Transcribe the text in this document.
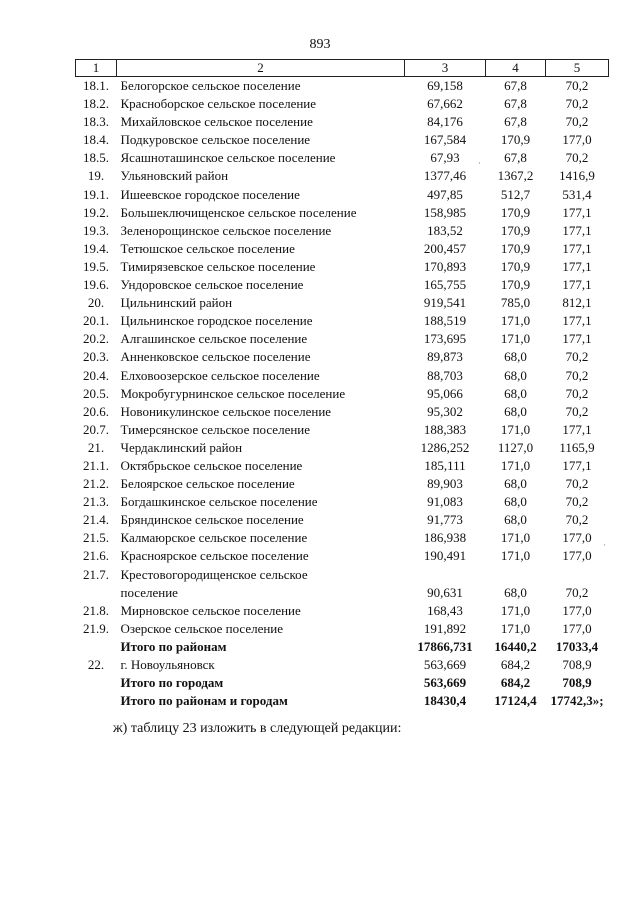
893
1	2	3	4	5
18.1.	Белогорское сельское поселение	69,158	67,8	70,2
18.2.	Красноборское сельское поселение	67,662	67,8	70,2
18.3.	Михайловское сельское поселение	84,176	67,8	70,2
18.4.	Подкуровское сельское поселение	167,584	170,9	177,0
18.5.	Ясашноташинское сельское поселение	67,93	67,8	70,2
19.	Ульяновский район	1377,46	1367,2	1416,9
19.1.	Ишеевское городское поселение	497,85	512,7	531,4
19.2.	Большеключищенское сельское поселение	158,985	170,9	177,1
19.3.	Зеленорощинское сельское поселение	183,52	170,9	177,1
19.4.	Тетюшское сельское поселение	200,457	170,9	177,1
19.5.	Тимирязевское сельское поселение	170,893	170,9	177,1
19.6.	Ундоровское сельское поселение	165,755	170,9	177,1
20.	Цильнинский район	919,541	785,0	812,1
20.1.	Цильнинское городское поселение	188,519	171,0	177,1
20.2.	Алгашинское сельское поселение	173,695	171,0	177,1
20.3.	Анненковское сельское поселение	89,873	68,0	70,2
20.4.	Елховоозерское сельское поселение	88,703	68,0	70,2
20.5.	Мокробугурнинское сельское поселение	95,066	68,0	70,2
20.6.	Новоникулинское сельское поселение	95,302	68,0	70,2
20.7.	Тимерсянское сельское поселение	188,383	171,0	177,1
21.	Чердаклинский район	1286,252	1127,0	1165,9
21.1.	Октябрьское сельское поселение	185,111	171,0	177,1
21.2.	Белоярское сельское поселение	89,903	68,0	70,2
21.3.	Богдашкинское сельское поселение	91,083	68,0	70,2
21.4.	Бряндинское сельское поселение	91,773	68,0	70,2
21.5.	Калмаюрское сельское поселение	186,938	171,0	177,0
21.6.	Красноярское сельское поселение	190,491	171,0	177,0
21.7.	Крестовогородищенское сельское			
	поселение	90,631	68,0	70,2
21.8.	Мирновское сельское поселение	168,43	171,0	177,0
21.9.	Озерское сельское поселение	191,892	171,0	177,0
	Итого по районам	17866,731	16440,2	17033,4
22.	г. Новоульяновск	563,669	684,2	708,9
	Итого по городам	563,669	684,2	708,9
	Итого по районам и городам	18430,4	17124,4	17742,3»;
ж) таблицу 23 изложить в следующей редакции:
·
·
